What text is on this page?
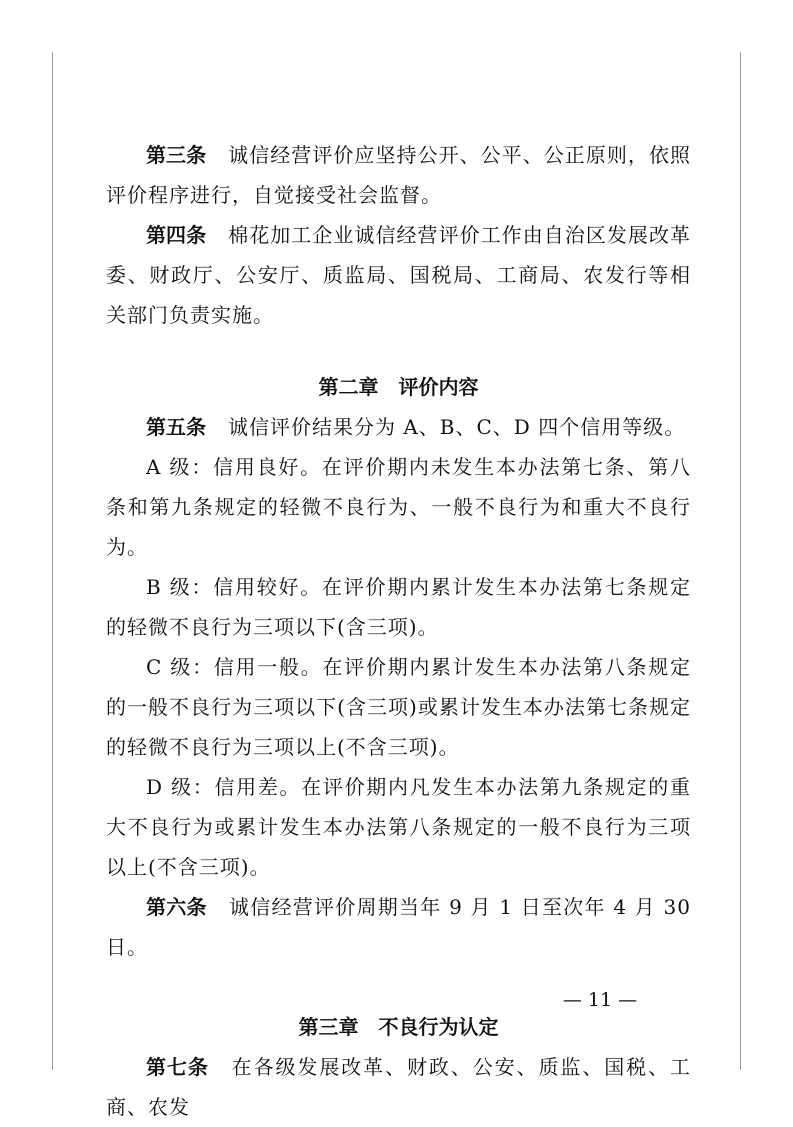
第三条 诚信经营评价应坚持公开、公平、公正原则，依照评价程序进行，自觉接受社会监督。

第四条 棉花加工企业诚信经营评价工作由自治区发展改革委、财政厅、公安厅、质监局、国税局、工商局、农发行等相关部门负责实施。

第二章 评价内容

第五条 诚信评价结果分为 A、B、C、D 四个信用等级。

A 级：信用良好。在评价期内未发生本办法第七条、第八条和第九条规定的轻微不良行为、一般不良行为和重大不良行为。

B 级：信用较好。在评价期内累计发生本办法第七条规定的轻微不良行为三项以下(含三项)。

C 级：信用一般。在评价期内累计发生本办法第八条规定的一般不良行为三项以下(含三项)或累计发生本办法第七条规定的轻微不良行为三项以上(不含三项)。

D 级：信用差。在评价期内凡发生本办法第九条规定的重大不良行为或累计发生本办法第八条规定的一般不良行为三项以上(不含三项)。

第六条 诚信经营评价周期当年 9 月 1 日至次年 4 月 30 日。

第三章 不良行为认定

第七条 在各级发展改革、财政、公安、质监、国税、工商、农发

— 11 —
